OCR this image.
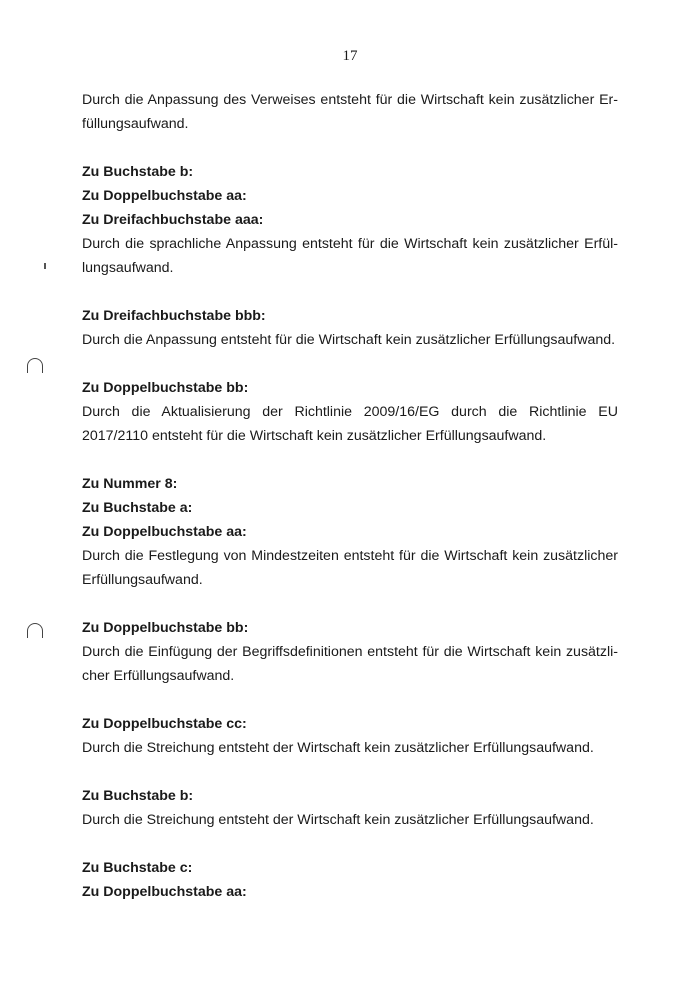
17

Durch die Anpassung des Verweises entsteht für die Wirtschaft kein zusätzlicher Er-füllungsaufwand.

Zu Buchstabe b:

Zu Doppelbuchstabe aa:

Zu Dreifachbuchstabe aaa:

Durch die sprachliche Anpassung entsteht für die Wirtschaft kein zusätzlicher Erfül-lungsaufwand.

Zu Dreifachbuchstabe bbb:

Durch die Anpassung entsteht für die Wirtschaft kein zusätzlicher Erfüllungsaufwand.

Zu Doppelbuchstabe bb:

Durch die Aktualisierung der Richtlinie 2009/16/EG durch die Richtlinie EU 2017/2110 entsteht für die Wirtschaft kein zusätzlicher Erfüllungsaufwand.

Zu Nummer 8:

Zu Buchstabe a:

Zu Doppelbuchstabe aa:

Durch die Festlegung von Mindestzeiten entsteht für die Wirtschaft kein zusätzlicher Erfüllungsaufwand.

Zu Doppelbuchstabe bb:

Durch die Einfügung der Begriffsdefinitionen entsteht für die Wirtschaft kein zusätzli-cher Erfüllungsaufwand.

Zu Doppelbuchstabe cc:

Durch die Streichung entsteht der Wirtschaft kein zusätzlicher Erfüllungsaufwand.

Zu Buchstabe b:

Durch die Streichung entsteht der Wirtschaft kein zusätzlicher Erfüllungsaufwand.

Zu Buchstabe c:

Zu Doppelbuchstabe aa:
